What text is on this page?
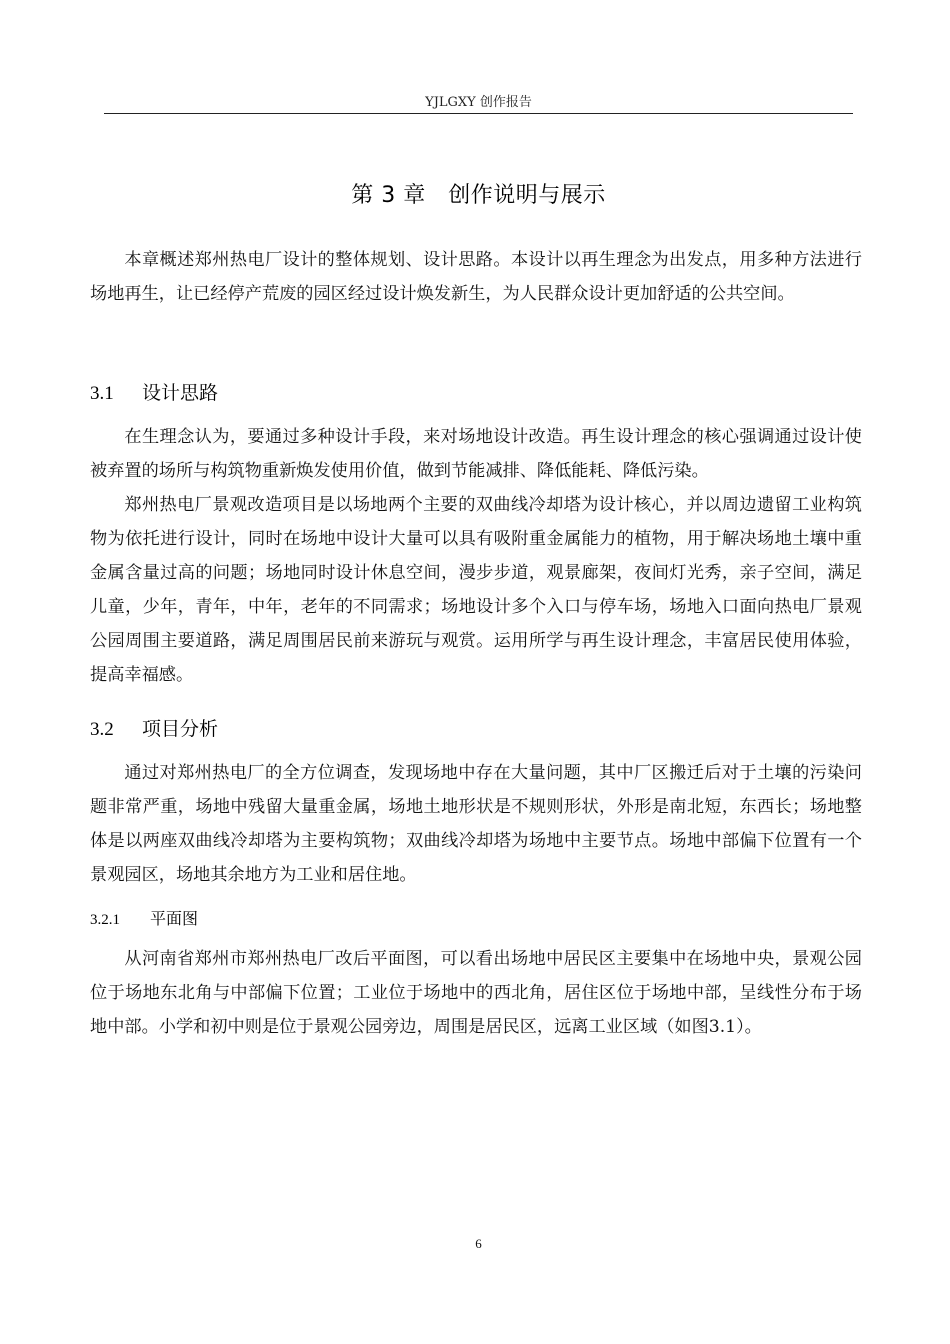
YJLGXY 创作报告
第 3 章　创作说明与展示

本章概述郑州热电厂设计的整体规划、设计思路。本设计以再生理念为出发点，用多种方法进行场地再生，让已经停产荒废的园区经过设计焕发新生，为人民群众设计更加舒适的公共空间。

3.1 设计思路

在生理念认为，要通过多种设计手段，来对场地设计改造。再生设计理念的核心强调通过设计使被弃置的场所与构筑物重新焕发使用价值，做到节能减排、降低能耗、降低污染。

郑州热电厂景观改造项目是以场地两个主要的双曲线冷却塔为设计核心，并以周边遗留工业构筑物为依托进行设计，同时在场地中设计大量可以具有吸附重金属能力的植物，用于解决场地土壤中重金属含量过高的问题；场地同时设计休息空间，漫步步道，观景廊架，夜间灯光秀，亲子空间，满足儿童，少年，青年，中年，老年的不同需求；场地设计多个入口与停车场，场地入口面向热电厂景观公园周围主要道路，满足周围居民前来游玩与观赏。运用所学与再生设计理念，丰富居民使用体验，提高幸福感。

3.2 项目分析

通过对郑州热电厂的全方位调查，发现场地中存在大量问题，其中厂区搬迁后对于土壤的污染问题非常严重，场地中残留大量重金属，场地土地形状是不规则形状，外形是南北短，东西长；场地整体是以两座双曲线冷却塔为主要构筑物；双曲线冷却塔为场地中主要节点。场地中部偏下位置有一个景观园区，场地其余地方为工业和居住地。

3.2.1 平面图

从河南省郑州市郑州热电厂改后平面图，可以看出场地中居民区主要集中在场地中央，景观公园位于场地东北角与中部偏下位置；工业位于场地中的西北角，居住区位于场地中部，呈线性分布于场地中部。小学和初中则是位于景观公园旁边，周围是居民区，远离工业区域（如图3.1）。

6
